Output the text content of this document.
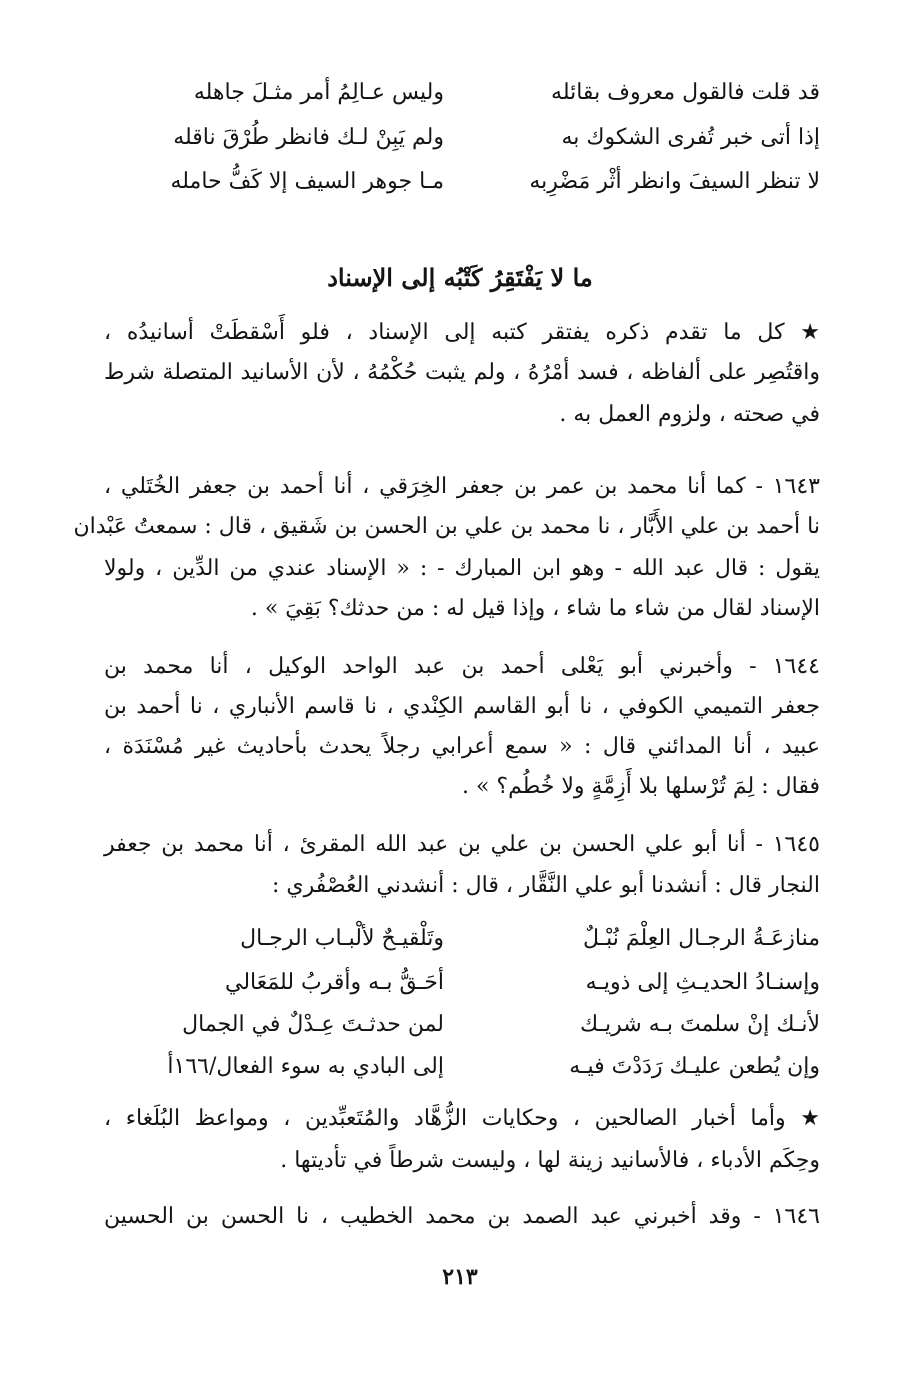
قد قلت فالقول معروف بقائله
إذا أتى خبر تُفرى الشكوك به
لا تنظر السيفَ وانظر أثْر مَضْرِبه
وليس عـالِمُ أمر مثـلَ جاهله
ولم يَبِنْ لـك فانظر طُرْقَ ناقله
مـا جوهر السيف إلا كَفُّ حامله
ما لا يَفْتَقِرُ كَتْبُه إلى الإسناد
★ كل ما تقدم ذكره يفتقر كتبه إلى الإسناد ، فلو أَسْقطَتْ أسانيدُه ،
واقتُصِر على ألفاظه ، فسد أمْرُهُ ، ولم يثبت حُكْمُهُ ، لأن الأسانيد المتصلة شرط
في صحته ، ولزوم العمل به .
١٦٤٣ - كما أنا محمد بن عمر بن جعفر الخِرَقي ، أنا أحمد بن جعفر الخُتَلي ،
نا أحمد بن علي الأَبَّار ، نا محمد بن علي بن الحسن بن شَقيق ، قال : سمعتُ عَبْدان
يقول : قال عبد الله - وهو ابن المبارك - : « الإسناد عندي من الدِّين ، ولولا
الإسناد لقال من شاء ما شاء ، وإذا قيل له : من حدثك؟ بَقِيَ » .
١٦٤٤ - وأخبرني أبو يَعْلى أحمد بن عبد الواحد الوكيل ، أنا محمد بن
جعفر التميمي الكوفي ، نا أبو القاسم الكِنْدي ، نا قاسم الأنباري ، نا أحمد بن
عبيد ، أنا المدائني قال : « سمع أعرابي رجلاً يحدث بأحاديث غير مُسْنَدَة ،
فقال : لِمَ تُرْسلها بلا أَزِمَّةٍ ولا خُطُم؟ » .
١٦٤٥ - أنا أبو علي الحسن بن علي بن عبد الله المقرئ ، أنا محمد بن جعفر
النجار قال : أنشدنا أبو علي النَّقَّار ، قال : أنشدني العُصْفُري :
منازعَـةُ الرجـال العِلْمَ نُبْـلٌ
وإسنـادُ الحديـثِ إلى ذويـه
لأنـك إنْ سلمتَ بـه شريـك
وإن يُطعن عليـك رَدَدْتَ فيـه
وتَلْقيـحٌ لألْبـاب الرجـال
أحَـقُّ بـه وأقربُ للمَعَالي
لمن حدثـتَ عِـدْلٌ في الجمال
إلى البادي به سوء الفعال/١٦٦أ
★ وأما أخبار الصالحين ، وحكايات الزُّهَّاد والمُتَعبِّدين ، ومواعظ البُلَغاء ،
وحِكَم الأدباء ، فالأسانيد زينة لها ، وليست شرطاً في تأديتها .
١٦٤٦ - وقد أخبرني عبد الصمد بن محمد الخطيب ، نا الحسن بن الحسين
٢١٣
